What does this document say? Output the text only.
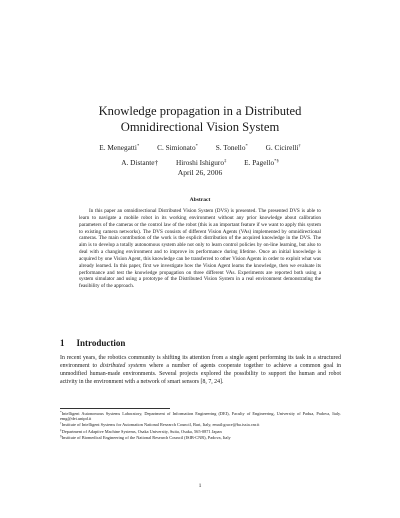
Knowledge propagation in a Distributed
Omnidirectional Vision System
E. Menegatti* C. Simionato* S. Tonello* G. Cicirelli†
A. Distante† Hiroshi Ishiguro‡ E. Pagello*§
April 26, 2006
Abstract

In this paper an omnidirectional Distributed Vision System (DVS) is presented. The presented DVS is able to learn to navigate a mobile robot in its working environment without any prior knowledge about calibration parameters of the cameras or the control law of the robot (this is an important feature if we want to apply this system to existing camera networks). The DVS consists of different Vision Agents (VAs) implemented by omnidirectional cameras. The main contribution of the work is the explicit distribution of the acquired knowledge in the DVS. The aim is to develop a totally autonomous system able not only to learn control policies by on-line learning, but also to deal with a changing environment and to improve its performance during lifetime. Once an initial knowledge is acquired by one Vision Agent, this knowledge can be transferred to other Vision Agents in order to exploit what was already learned. In this paper, first we investigate how the Vision Agent learns the knowledge, then we evaluate its performance and test the knowledge propagation on three different VAs. Experiments are reported both using a system simulator and using a prototype of the Distributed Vision System in a real environment demonstrating the feasibility of the approach.

1 Introduction

In recent years, the robotics community is shifting its attention from a single agent performing its task in a structured environment to distributed systems where a number of agents cooperate together to achieve a common goal in unmodified human-made environments. Several projects explored the possibility to support the human and robot activity in the environment with a network of smart sensors [8, 7, 24].

*Intelligent Autonomous Systems Laboratory, Department of Information Engineering (DEI), Faculty of Engineering, University of Padua, Padova, Italy. emg@dei.unipd.it

†Institute of Intelligent Systems for Automation National Research Council, Bari, Italy, email:grace@ba.issia.cnr.it

‡Department of Adaptive Machine Systems, Osaka University, Suita, Osaka, 565-0871 Japan

§Institute of Biomedical Engineering of the National Research Council (ISIB-CNR), Padova, Italy

1
